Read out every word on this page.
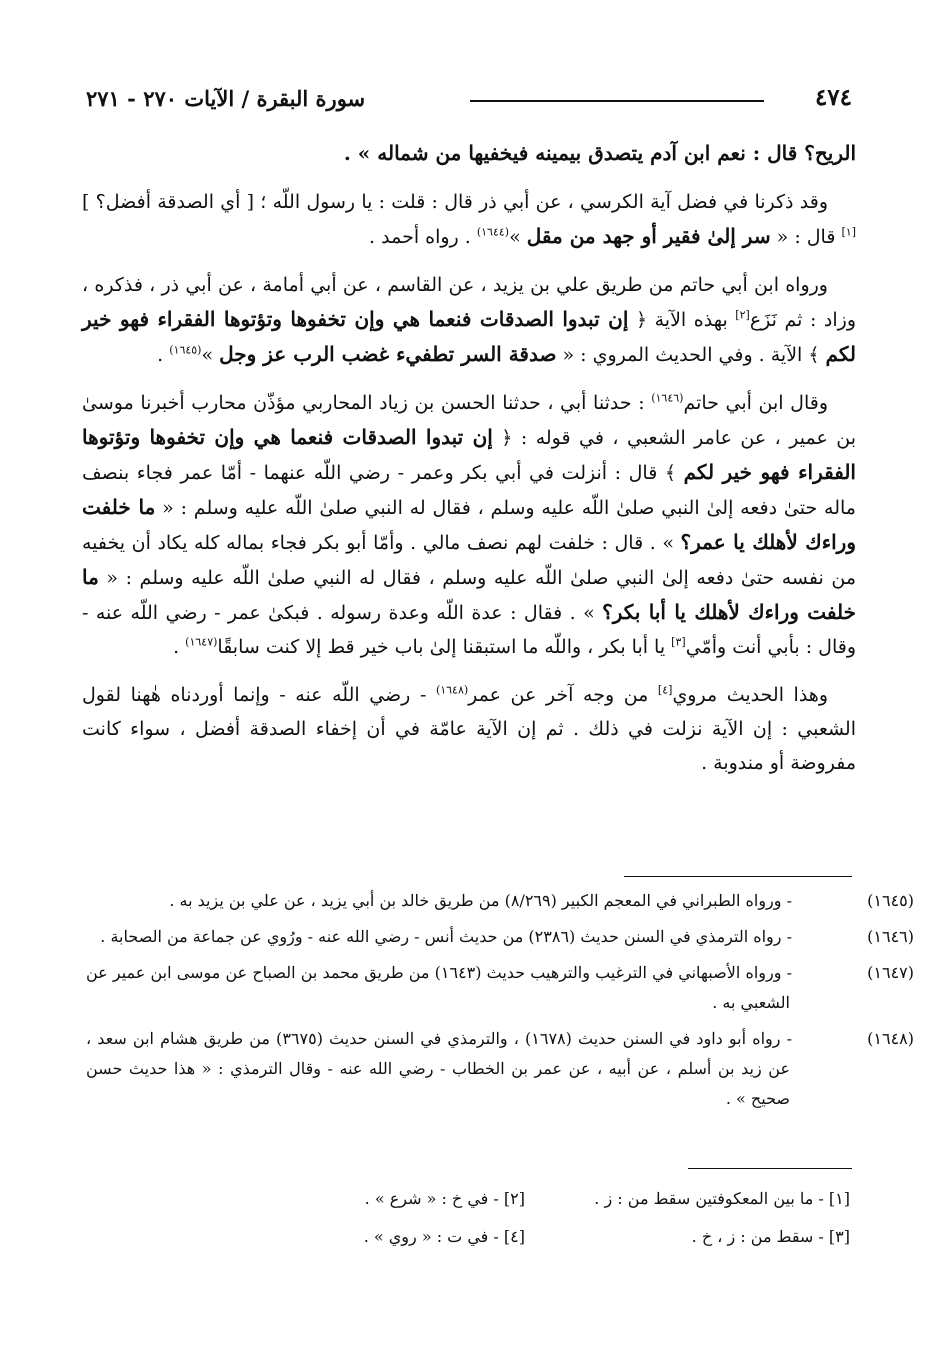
٤٧٤
سورة البقرة / الآيات ٢٧٠ - ٢٧١

الريح؟ قال : نعم ابن آدم يتصدق بيمينه فيخفيها من شماله » .

وقد ذكرنا في فضل آية الكرسي ، عن أبي ذر قال : قلت : يا رسول اللّه ؛ [ أي الصدقة أفضل؟ ][١] قال : « سر إلىٰ فقير أو جهد من مقل »$^{(١٦٤٤)}$ . رواه أحمد .

ورواه ابن أبي حاتم من طريق علي بن يزيد ، عن القاسم ، عن أبي أمامة ، عن أبي ذر ، فذكره ، وزاد : ثم نَزَع[٢] بهذه الآية ﴿ إن تبدوا الصدقات فنعما هي وإن تخفوها وتؤتوها الفقراء فهو خير لكم ﴾ الآية . وفي الحديث المروي : « صدقة السر تطفيء غضب الرب عز وجل »$^{(١٦٤٥)}$ .

وقال ابن أبي حاتم$^{(١٦٤٦)}$ : حدثنا أبي ، حدثنا الحسن بن زياد المحاربي مؤذّن محارب أخبرنا موسىٰ بن عمير ، عن عامر الشعبي ، في قوله : ﴿ إن تبدوا الصدقات فنعما هي وإن تخفوها وتؤتوها الفقراء فهو خير لكم ﴾ قال : أنزلت في أبي بكر وعمر - رضي اللّه عنهما - أمّا عمر فجاء بنصف ماله حتىٰ دفعه إلىٰ النبي صلىٰ اللّه عليه وسلم ، فقال له النبي صلىٰ اللّه عليه وسلم : « ما خلفت وراءك لأهلك يا عمر؟ » . قال : خلفت لهم نصف مالي . وأمّا أبو بكر فجاء بماله كله يكاد أن يخفيه من نفسه حتىٰ دفعه إلىٰ النبي صلىٰ اللّه عليه وسلم ، فقال له النبي صلىٰ اللّه عليه وسلم : « ما خلفت وراءك لأهلك يا أبا بكر؟ » . فقال : عدة اللّه وعدة رسوله . فبكىٰ عمر - رضي اللّه عنه - وقال : بأبي أنت وأمّي[٣] يا أبا بكر ، واللّه ما استبقنا إلىٰ باب خير قط إلا كنت سابقًا$^{(١٦٤٧)}$ .

وهذا الحديث مروي[٤] من وجه آخر عن عمر$^{(١٦٤٨)}$ - رضي اللّه عنه - وإنما أوردناه هٰهنا لقول الشعبي : إن الآية نزلت في ذلك . ثم إن الآية عامّة في أن إخفاء الصدقة أفضل ، سواء كانت مفروضة أو مندوبة .

(١٦٤٥)- ورواه الطبراني في المعجم الكبير (٨/٢٦٩) من طريق خالد بن أبي يزيد ، عن علي بن يزيد به .

(١٦٤٦)- رواه الترمذي في السنن حديث (٢٣٨٦) من حديث أنس - رضي الله عنه - ورُوي عن جماعة من الصحابة .

(١٦٤٧)- ورواه الأصبهاني في الترغيب والترهيب حديث (١٦٤٣) من طريق محمد بن الصباح عن موسى ابن عمير عن الشعبي به .

(١٦٤٨)- رواه أبو داود في السنن حديث (١٦٧٨) ، والترمذي في السنن حديث (٣٦٧٥) من طريق هشام ابن سعد ، عن زيد بن أسلم ، عن أبيه ، عن عمر بن الخطاب - رضي الله عنه - وقال الترمذي : « هذا حديث حسن صحيح » .

[١] - ما بين المعكوفتين سقط من : ز .
[٢] - في خ : « شرع » .
[٣] - سقط من : ز ، خ .
[٤] - في ت : « روي » .
